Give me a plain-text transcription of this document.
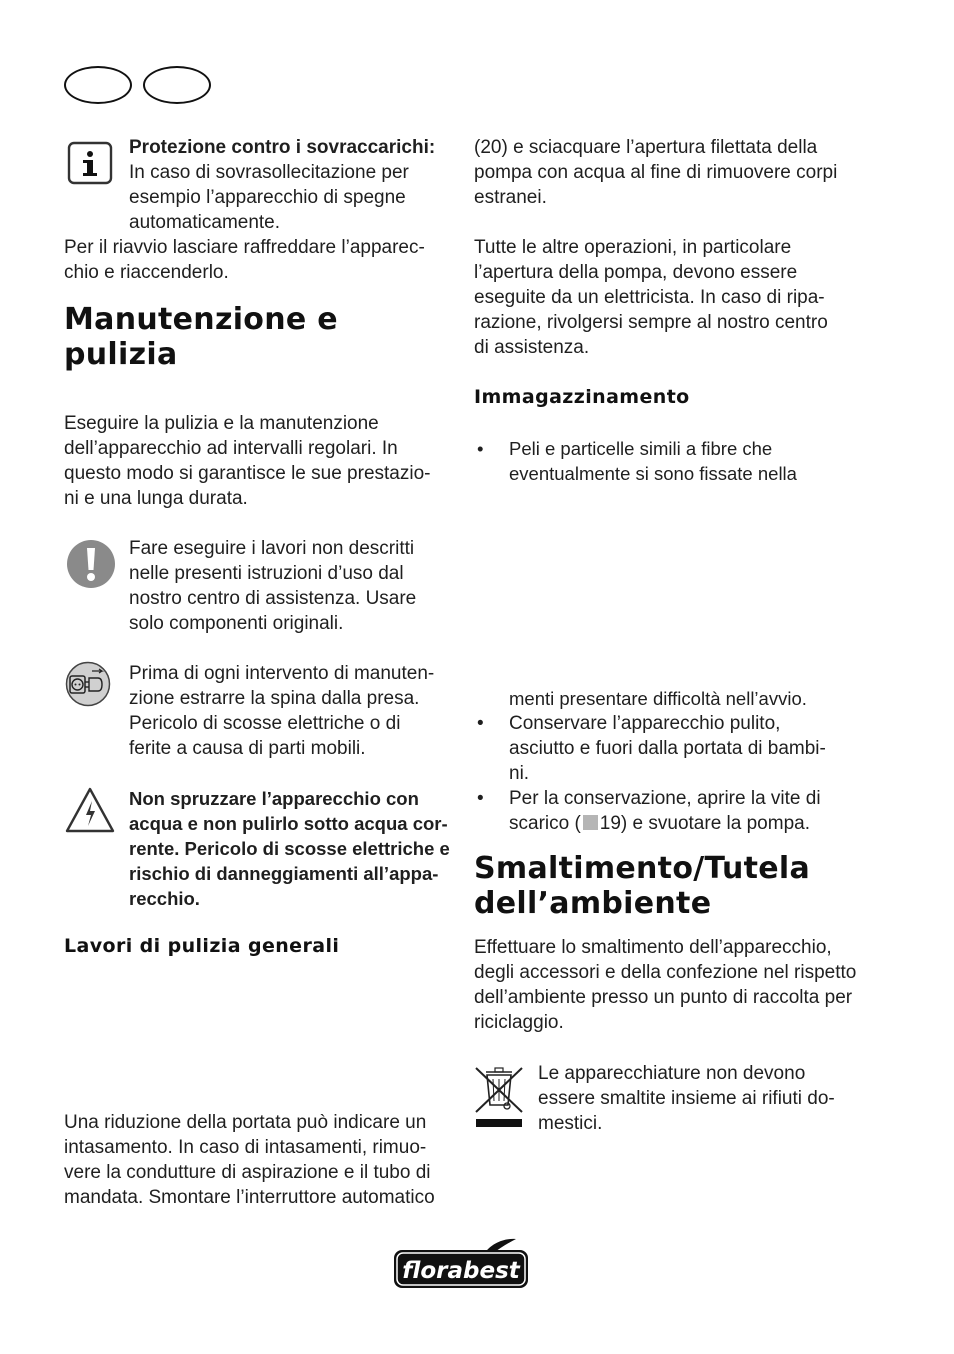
Protezione contro i sovraccarichi:

In caso di sovrasollecitazione per

esempio l’apparecchio di spegne

automaticamente.

Per il riavvio lasciare raffreddare l’apparec-

chio e riaccenderlo.

Manutenzione e

pulizia

Eseguire la pulizia e la manutenzione

dell’apparecchio ad intervalli regolari. In

questo modo si garantisce le sue prestazio-

ni e una lunga durata.

Fare eseguire i lavori non descritti

nelle presenti istruzioni d’uso dal

nostro centro di assistenza. Usare

solo componenti originali.

Prima di ogni intervento di manuten-

zione estrarre la spina dalla presa.

Pericolo di scosse elettriche o di

ferite a causa di parti mobili.

Non spruzzare l’apparecchio con

acqua e non pulirlo sotto acqua cor-

rente. Pericolo di scosse elettriche e

rischio di danneggiamenti all’appa-

recchio.

Lavori di pulizia generali

Una riduzione della portata può indicare un

intasamento. In caso di intasamenti, rimuo-

vere la condutture di aspirazione e il tubo di

mandata. Smontare l’interruttore automatico

(20) e sciacquare l’apertura filettata della

pompa con acqua al fine di rimuovere corpi

estranei.

Tutte le altre operazioni, in particolare

l’apertura della pompa, devono essere

eseguite da un elettricista. In caso di ripa-

razione, rivolgersi sempre al nostro centro

di assistenza.

Immagazzinamento

• Peli e particelle simili a fibre che

eventualmente si sono fissate nella

menti presentare difficoltà nell’avvio.

• Conservare l’apparecchio pulito,

asciutto e fuori dalla portata di bambi-

ni.

• Per la conservazione, aprire la vite di

scarico ( 19) e svuotare la pompa.

Smaltimento/Tutela

dell’ambiente

Effettuare lo smaltimento dell’apparecchio,

degli accessori e della confezione nel rispetto

dell’ambiente presso un punto di raccolta per

riciclaggio.

Le apparecchiature non devono

essere smaltite insieme ai rifiuti do-

mestici.

florabest
